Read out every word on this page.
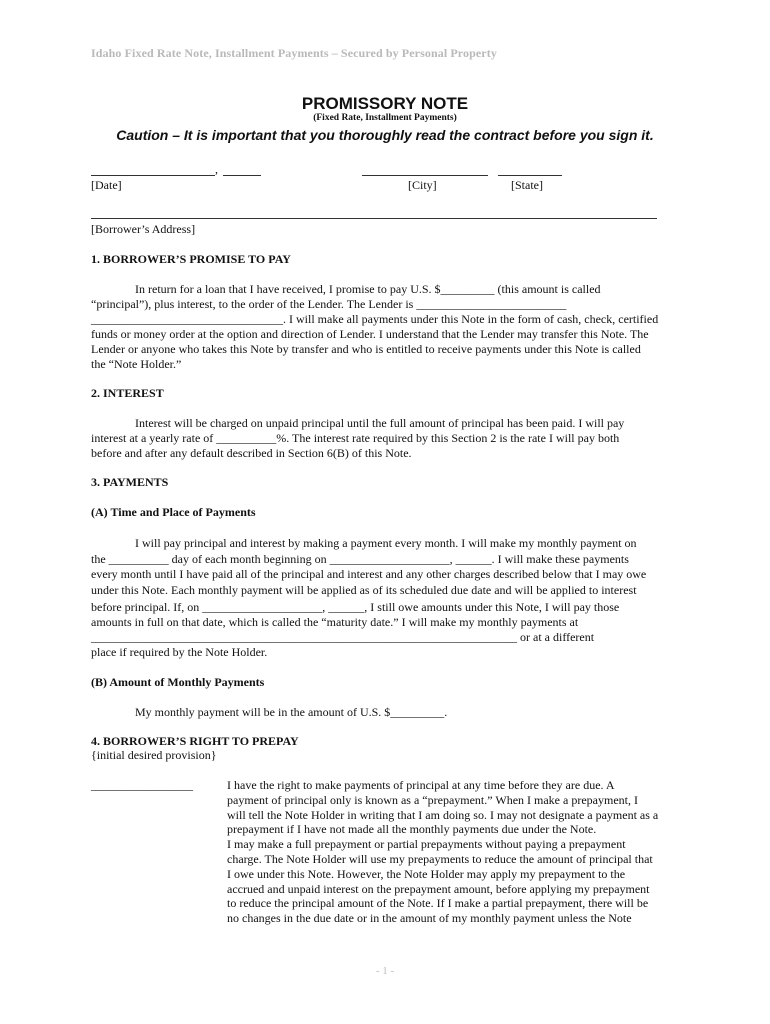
Idaho Fixed Rate Note, Installment Payments – Secured by Personal Property
PROMISSORY NOTE
(Fixed Rate, Installment Payments)
Caution – It is important that you thoroughly read the contract before you sign it.
,
[Date]	[City]	[State]
[Borrower’s Address]
1. BORROWER’S PROMISE TO PAY
In return for a loan that I have received, I promise to pay U.S. $_________ (this amount is called
“principal”), plus interest, to the order of the Lender. The Lender is _________________________
________________________________. I will make all payments under this Note in the form of cash, check, certified
funds or money order at the option and direction of Lender. I understand that the Lender may transfer this Note. The
Lender or anyone who takes this Note by transfer and who is entitled to receive payments under this Note is called
the “Note Holder.”
2. INTEREST
Interest will be charged on unpaid principal until the full amount of principal has been paid. I will pay
interest at a yearly rate of __________%. The interest rate required by this Section 2 is the rate I will pay both
before and after any default described in Section 6(B) of this Note.
3. PAYMENTS
(A) Time and Place of Payments
I will pay principal and interest by making a payment every month. I will make my monthly payment on
the __________ day of each month beginning on ____________________, ______. I will make these payments
every month until I have paid all of the principal and interest and any other charges described below that I may owe
under this Note. Each monthly payment will be applied as of its scheduled due date and will be applied to interest
before principal. If, on ____________________, ______, I still owe amounts under this Note, I will pay those
amounts in full on that date, which is called the “maturity date.” I will make my monthly payments at
_______________________________________________________________________ or at a different
place if required by the Note Holder.
(B) Amount of Monthly Payments
My monthly payment will be in the amount of U.S. $_________.
4. BORROWER’S RIGHT TO PREPAY
{initial desired provision}
_________________	I have the right to make payments of principal at any time before they are due. A
payment of principal only is known as a “prepayment.” When I make a prepayment, I
will tell the Note Holder in writing that I am doing so. I may not designate a payment as a
prepayment if I have not made all the monthly payments due under the Note.
I may make a full prepayment or partial prepayments without paying a prepayment
charge. The Note Holder will use my prepayments to reduce the amount of principal that
I owe under this Note. However, the Note Holder may apply my prepayment to the
accrued and unpaid interest on the prepayment amount, before applying my prepayment
to reduce the principal amount of the Note. If I make a partial prepayment, there will be
no changes in the due date or in the amount of my monthly payment unless the Note
- 1 -
